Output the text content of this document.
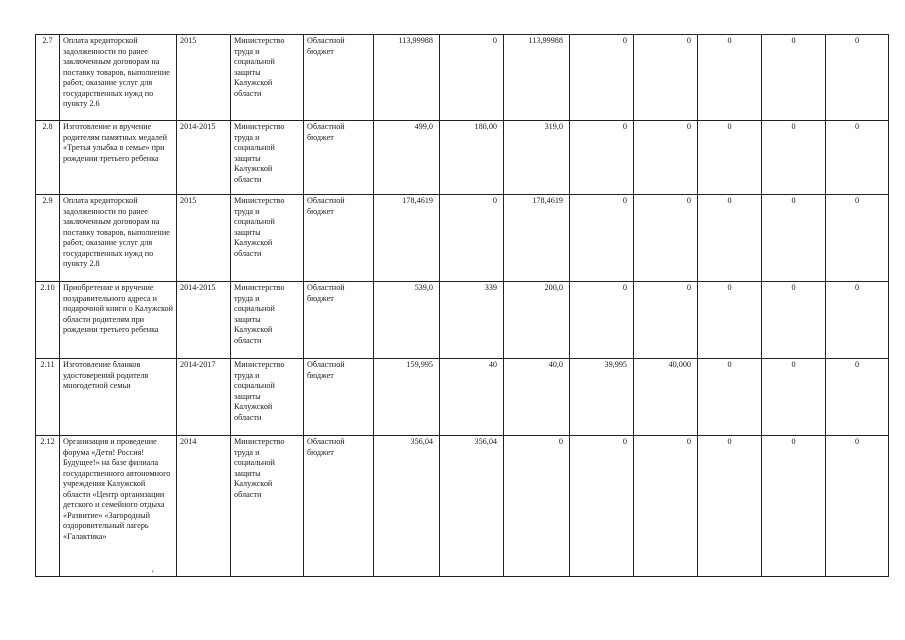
2.7	Оплата кредиторской задолженности по ранее заключенным договорам на поставку товаров, выполнение работ, оказание услуг для государственных нужд по пункту 2.6	2015	Министерство труда и социальной защиты Калужской области	Областной бюджет	113,99988	0	113,99988	0	0	0	0	0
2.8	Изготовление и вручение родителям памятных медалей «Третья улыбка в семье» при рождении третьего ребенка	2014-2015	Министерство труда и социальной защиты Калужской области	Областной бюджет	499,0	180,00	319,0	0	0	0	0	0
2.9	Оплата кредиторской задолженности по ранее заключенным договорам на поставку товаров, выполнение работ, оказание услуг для государственных нужд по пункту 2.8	2015	Министерство труда и социальной защиты Калужской области	Областной бюджет	178,4619	0	178,4619	0	0	0	0	0
2.10	Приобретение и вручение поздравительного адреса и подарочной книги о Калужской области родителям при рождении третьего ребенка	2014-2015	Министерство труда и социальной защиты Калужской области	Областной бюджет	539,0	339	200,0	0	0	0	0	0
2.11	Изготовление бланков удостоверений родителя многодетной семьи	2014-2017	Министерство труда и социальной защиты Калужской области	Областной бюджет	159,995	40	40,0	39,995	40,000	0	0	0
2.12	Организация и проведение форума «Дети! Россия! Будущее!» на базе филиала государственного автономного учреждения Калужской области «Центр организации детского и семейного отдыха «Развитие» «Загородный оздоровительный лагерь «Галактика»	2014	Министерство труда и социальной защиты Калужской области	Областной бюджет	356,04	356,04	0	0	0	0	0	0
'
